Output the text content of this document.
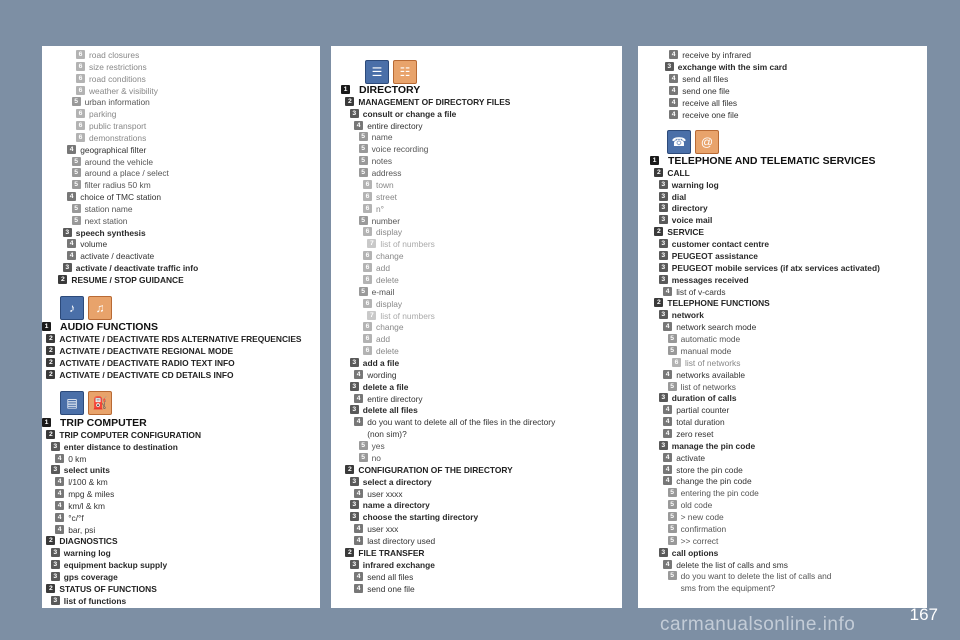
6 road closures
6 size restrictions
6 road conditions
6 weather & visibility
5 urban information
6 parking
6 public transport
6 demonstrations
4 geographical filter
5 around the vehicle
5 around a place / select
5 filter radius 50 km
4 choice of TMC station
5 station name
5 next station
3 speech synthesis
4 volume
4 activate / deactivate
3 activate / deactivate traffic info
2 RESUME / STOP GUIDANCE
♪	♫
1 AUDIO FUNCTIONS
2 ACTIVATE / DEACTIVATE RDS ALTERNATIVE FREQUENCIES
2 ACTIVATE / DEACTIVATE REGIONAL MODE
2 ACTIVATE / DEACTIVATE RADIO TEXT INFO
2 ACTIVATE / DEACTIVATE CD DETAILS INFO
▤	⛽
1 TRIP COMPUTER
2 TRIP COMPUTER CONFIGURATION
3 enter distance to destination
4 0 km
3 select units
4 l/100 & km
4 mpg & miles
4 km/l & km
4 °c/°f
4 bar, psi
2 DIAGNOSTICS
3 warning log
3 equipment backup supply
3 gps coverage
2 STATUS OF FUNCTIONS
3 list of functions
☰	☷
1 DIRECTORY
2 MANAGEMENT OF DIRECTORY FILES
3 consult or change a file
4 entire directory
5 name
5 voice recording
5 notes
5 address
6 town
6 street
6 n°
5 number
6 display
7 list of numbers
6 change
6 add
6 delete
5 e-mail
6 display
7 list of numbers
6 change
6 add
6 delete
3 add a file
4 wording
3 delete a file
4 entire directory
3 delete all files
4 do you want to delete all of the files in the directory
(non sim)?
5 yes
5 no
2 CONFIGURATION OF THE DIRECTORY
3 select a directory
4 user xxxx
3 name a directory
3 choose the starting directory
4 user xxx
4 last directory used
2 FILE TRANSFER
3 infrared exchange
4 send all files
4 send one file
4 receive by infrared
3 exchange with the sim card
4 send all files
4 send one file
4 receive all files
4 receive one file
☎	@
1 TELEPHONE AND TELEMATIC SERVICES
2 CALL
3 warning log
3 dial
3 directory
3 voice mail
2 SERVICE
3 customer contact centre
3 PEUGEOT assistance
3 PEUGEOT mobile services (if atx services activated)
3 messages received
4 list of v-cards
2 TELEPHONE FUNCTIONS
3 network
4 network search mode
5 automatic mode
5 manual mode
6 list of networks
4 networks available
5 list of networks
3 duration of calls
4 partial counter
4 total duration
4 zero reset
3 manage the pin code
4 activate
4 store the pin code
4 change the pin code
5 entering the pin code
5 old code
5 > new code
5 confirmation
5 >> correct
3 call options
4 delete the list of calls and sms
5 do you want to delete the list of calls and
sms from the equipment?
167
carmanualsonline.info
